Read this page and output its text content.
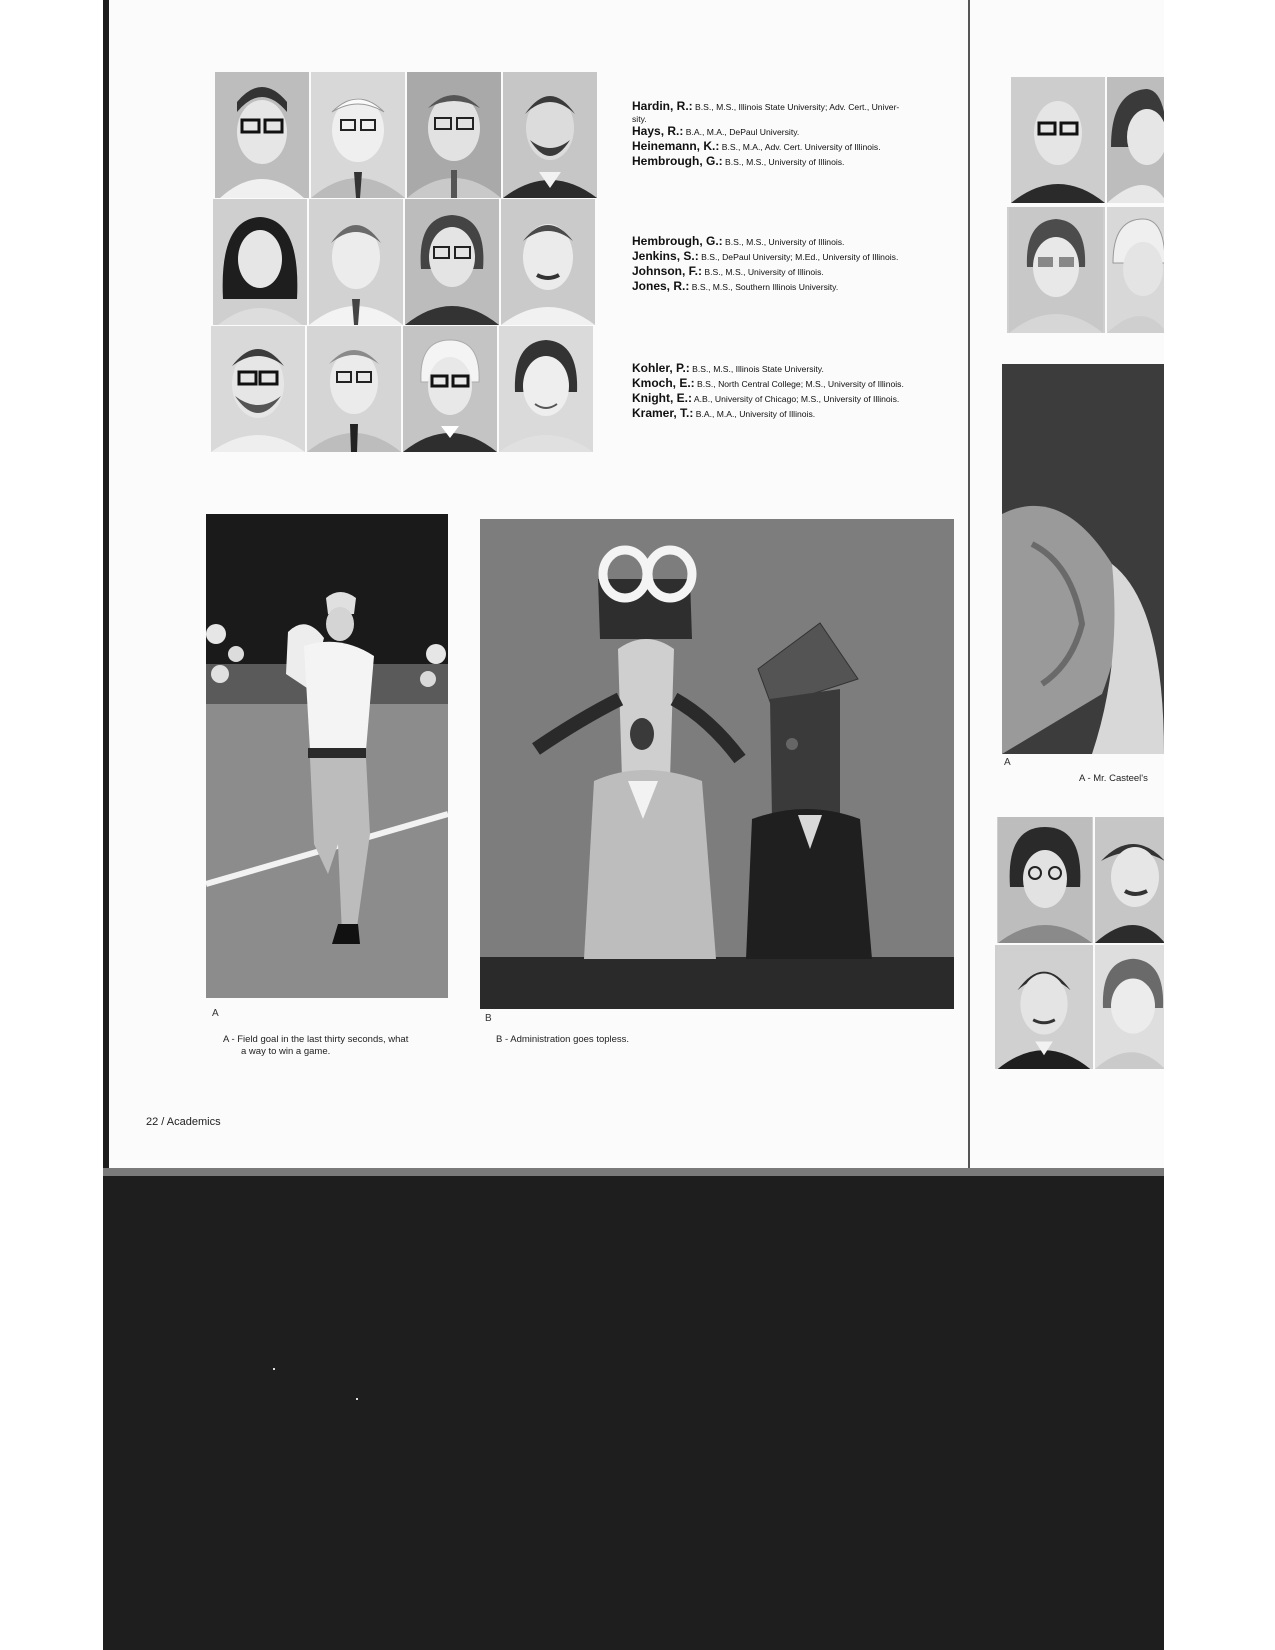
Hardin, R.: B.S., M.S., Illinois State University; Adv. Cert., Univer-

sity.

Hays, R.: B.A., M.A., DePaul University.

Heinemann, K.: B.S., M.A., Adv. Cert. University of Illinois.

Hembrough, G.: B.S., M.S., University of Illinois.

Hembrough, G.: B.S., M.S., University of Illinois.

Jenkins, S.: B.S., DePaul University; M.Ed., University of Illinois.

Johnson, F.: B.S., M.S., University of Illinois.

Jones, R.: B.S., M.S., Southern Illinois University.

Kohler, P.: B.S., M.S., Illinois State University.

Kmoch, E.: B.S., North Central College; M.S., University of Illinois.

Knight, E.: A.B., University of Chicago; M.S., University of Illinois.

Kramer, T.: B.A., M.A., University of Illinois.

A
A - Field goal in the last thirty seconds, what
a way to win a game.
B
B - Administration goes topless.
A
A - Mr. Casteel's
22 / Academics
